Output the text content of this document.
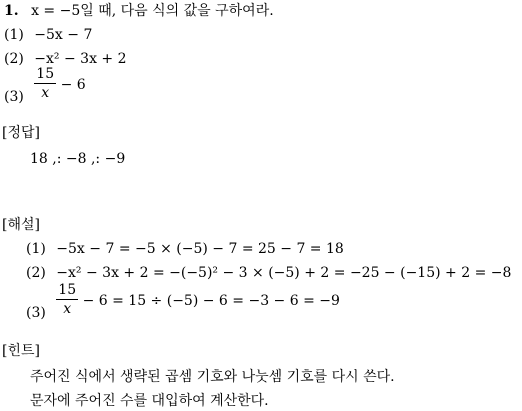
1. x = −5일 때, 다음 식의 값을 구하여라.
(1) −5x − 7
(2) −x² − 3x + 2
$(3) \frac{15}{x} - 6$
[정답]
18 ,: −8 ,: −9
[해설]
(1) −5x − 7 = −5 × (−5) − 7 = 25 − 7 = 18
(2) −x² − 3x + 2 = −(−5)² − 3 × (−5) + 2 = −25 − (−15) + 2 = −8
$(3) \frac{15}{x} - 6 = 15 \div (-5) - 6 = -3 - 6 = -9$
[힌트]
주어진 식에서 생략된 곱셈 기호와 나눗셈 기호를 다시 쓴다.
문자에 주어진 수를 대입하여 계산한다.
